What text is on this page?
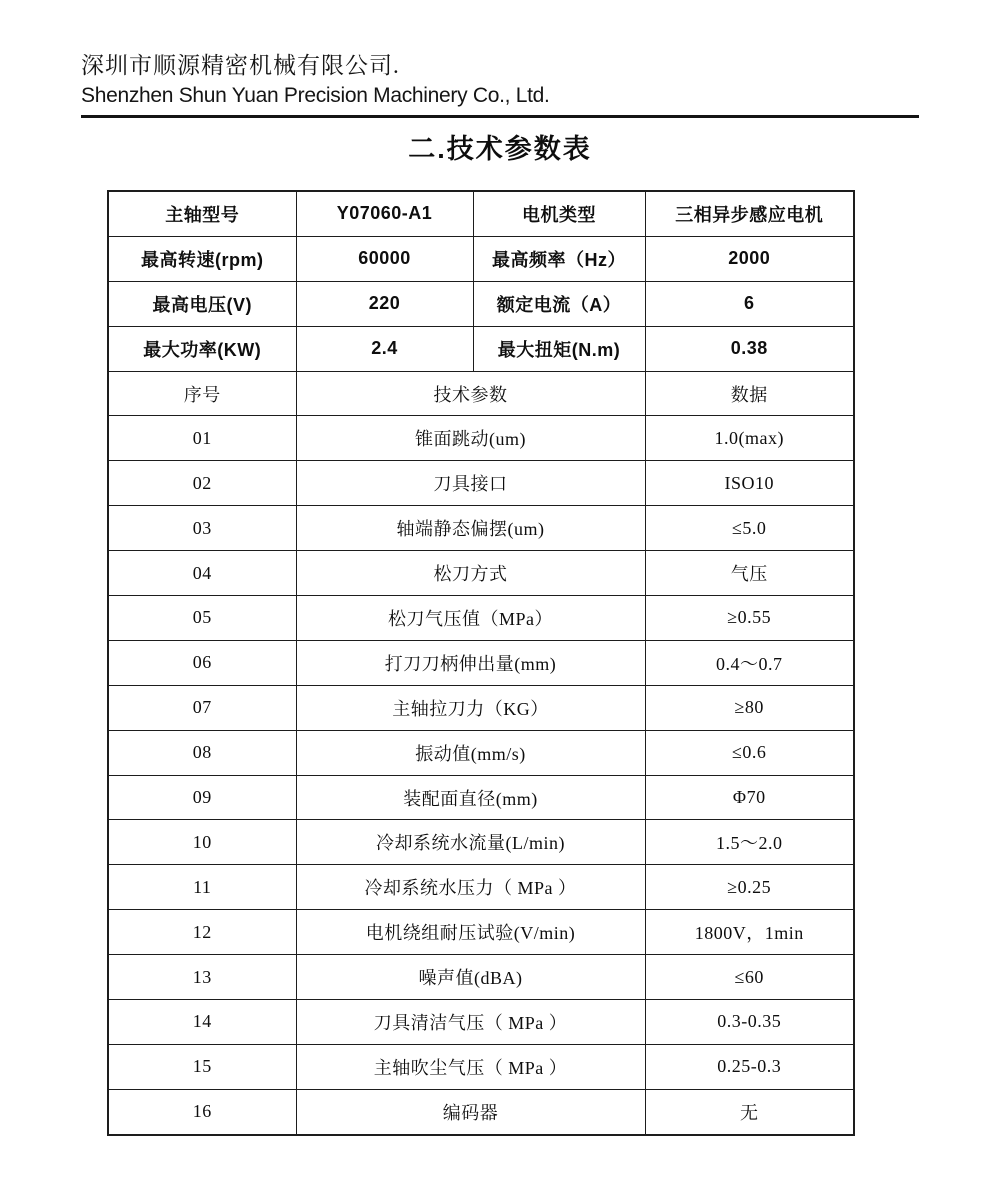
深圳市顺源精密机械有限公司.
Shenzhen Shun Yuan Precision Machinery Co., Ltd.
二.技术参数表
主轴型号	Y07060-A1	电机类型	三相异步感应电机
最高转速(rpm)	60000	最高频率（Hz）	2000
最高电压(V)	220	额定电流（A）	6
最大功率(KW)	2.4	最大扭矩(N.m)	0.38
序号	技术参数		数据
01	锥面跳动(um)		1.0(max)
02	刀具接口		ISO10
03	轴端静态偏摆(um)		≤5.0
04	松刀方式		气压
05	松刀气压值（MPa）		≥0.55
06	打刀刀柄伸出量(mm)		0.4～0.7
07	主轴拉刀力（KG）		≥80
08	振动值(mm/s)		≤0.6
09	装配面直径(mm)		Φ70
10	冷却系统水流量(L/min)		1.5～2.0
11	冷却系统水压力（ MPa ）		≥0.25
12	电机绕组耐压试验(V/min)		1800V，1min
13	噪声值(dBA)		≤60
14	刀具清洁气压（ MPa ）		0.3-0.35
15	主轴吹尘气压（ MPa ）		0.25-0.3
16	编码器		无
